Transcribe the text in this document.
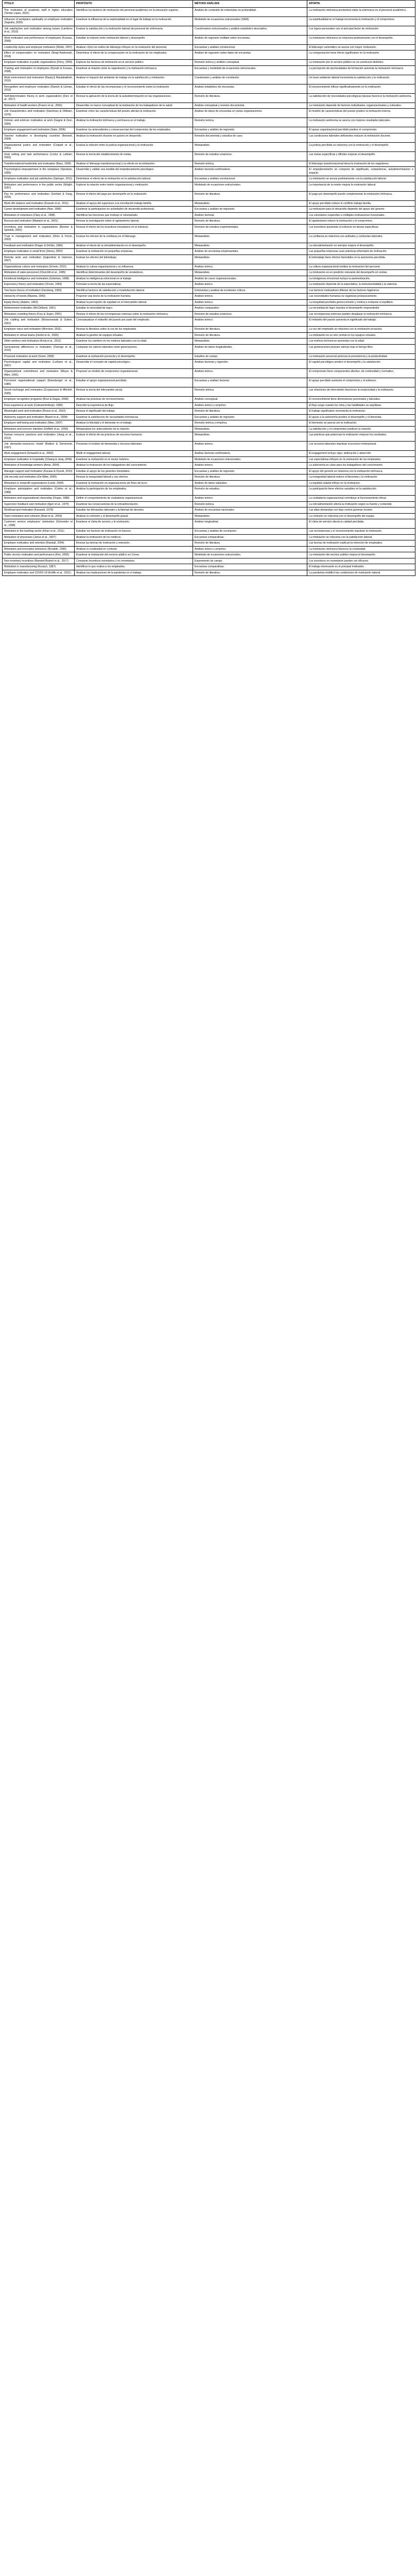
TÍTULO	PROPÓSITO	MÉTODO ANÁLISIS	APORTE
The motivation of academic staff in higher education (Tomás Lopes, 2021)	Identificar los factores de motivación del personal académico en la educación superior.	Análisis de contenido de entrevistas en profundidad.	La motivación intrínseca predomina sobre la extrínseca en el personal académico.
Influence of workplace spirituality on employee motivation (Saputra, 2020)	Examinar la influencia de la espiritualidad en el lugar de trabajo en la motivación.	Modelado de ecuaciones estructurales (SEM).	La espiritualidad en el trabajo incrementa la motivación y el compromiso.
Job satisfaction and motivation among nurses (Lambrou et al., 2010)	Evaluar la satisfacción y la motivación laboral del personal de enfermería.	Cuestionarios estructurados y análisis estadístico descriptivo.	Los logros personales son el principal factor de motivación.
Work motivation and performance of employees (Kuvaas, 2006)	Estudiar la relación entre motivación laboral y desempeño.	Análisis de regresión múltiple sobre encuestas.	La motivación intrínseca se relaciona positivamente con el desempeño.
Leadership styles and employee motivation (Webb, 2007)	Analizar cómo los estilos de liderazgo influyen en la motivación del personal.	Encuestas y análisis correlacional.	El liderazgo carismático se asocia con mayor motivación.
Effect of compensation on motivation (Nnaji-Ihedinmah, 2018)	Determinar el efecto de la compensación en la motivación de los empleados.	Análisis de regresión sobre datos de encuestas.	La compensación tiene efecto significativo en la motivación.
Employee motivation in public organizations (Perry, 2000)	Explorar los factores de motivación en el servicio público.	Revisión teórica y análisis conceptual.	La motivación por el servicio público es un constructo distintivo.
Training and motivation of employees (Dysvik & Kuvaas, 2008)	Examinar la relación entre la capacitación y la motivación intrínseca.	Encuestas y modelado de ecuaciones estructurales.	La percepción de oportunidades de formación aumenta la motivación intrínseca.
Work environment and motivation (Raziq & Maulabakhsh, 2015)	Analizar el impacto del ambiente de trabajo en la satisfacción y motivación.	Cuestionario y análisis de correlación.	Un buen ambiente laboral incrementa la satisfacción y la motivación.
Recognition and employee motivation (Danish & Usman, 2010)	Estudiar el efecto de las recompensas y el reconocimiento sobre la motivación.	Análisis estadístico de encuestas.	El reconocimiento influye significativamente en la motivación.
Self-determination theory in work organizations (Deci et al., 2017)	Revisar la aplicación de la teoría de la autodeterminación en las organizaciones.	Revisión de literatura.	La satisfacción de necesidades psicológicas básicas favorece la motivación autónoma.
Motivation of health workers (Franco et al., 2002)	Desarrollar un marco conceptual de la motivación de los trabajadores de la salud.	Análisis conceptual y revisión documental.	La motivación depende de factores individuales, organizacionales y culturales.
Job characteristics and motivation (Hackman & Oldham, 1976)	Examinar cómo las características del puesto afectan la motivación.	Análisis de datos de encuestas en varias organizaciones.	El modelo de características del puesto predice la motivación interna.
Intrinsic and extrinsic motivation at work (Gagné & Deci, 2005)	Analizar la motivación intrínseca y extrínseca en el trabajo.	Revisión teórica.	La motivación autónoma se asocia con mejores resultados laborales.
Employee engagement and motivation (Saks, 2006)	Examinar los antecedentes y consecuencias del compromiso de los empleados.	Encuestas y análisis de regresión.	El apoyo organizacional percibido predice el compromiso.
Teacher motivation in developing countries (Bennell, 2004)	Analizar la motivación docente en países en desarrollo.	Revisión documental y estudios de caso.	Las condiciones laborales deficientes reducen la motivación docente.
Organizational justice and motivation (Colquitt et al., 2001)	Evaluar la relación entre la justicia organizacional y la motivación.	Metaanálisis.	La justicia percibida se relaciona con la motivación y el desempeño.
Goal setting and task performance (Locke & Latham, 2002)	Revisar la teoría del establecimiento de metas.	Revisión de estudios empíricos.	Las metas específicas y difíciles mejoran el desempeño.
Transformational leadership and motivation (Bass, 1999)	Analizar el liderazgo transformacional y su efecto en la motivación.	Revisión teórica.	El liderazgo transformacional eleva la motivación de los seguidores.
Psychological empowerment in the workplace (Spreitzer, 1995)	Desarrollar y validar una medida del empoderamiento psicológico.	Análisis factorial confirmatorio.	El empoderamiento se compone de significado, competencia, autodeterminación e impacto.
Employee motivation and job satisfaction (Springer, 2011)	Determinar el efecto de la motivación en la satisfacción laboral.	Encuestas y análisis correlacional.	La motivación se asocia positivamente con la satisfacción laboral.
Motivation and performance in the public sector (Wright, 2007)	Explorar la relación entre misión organizacional y motivación.	Modelado de ecuaciones estructurales.	La importancia de la misión mejora la motivación laboral.
Pay for performance and motivation (Gerhart & Fang, 2015)	Revisar el efecto del pago por desempeño en la motivación.	Revisión de literatura.	El pago por desempeño puede complementar la motivación intrínseca.
Work–life balance and motivation (Kossek et al., 2011)	Analizar el apoyo del supervisor a la conciliación trabajo-familia.	Metaanálisis.	El apoyo percibido reduce el conflicto trabajo-familia.
Career development and motivation (Noe, 1996)	Examinar la participación en actividades de desarrollo profesional.	Encuestas y análisis de regresión.	La motivación para el desarrollo depende del apoyo del gerente.
Motivation of volunteers (Clary et al., 1998)	Identificar las funciones que motivan el voluntariado.	Análisis factorial.	Los voluntarios responden a múltiples motivaciones funcionales.
Burnout and motivation (Maslach et al., 2001)	Revisar la investigación sobre el agotamiento laboral.	Revisión de literatura.	El agotamiento reduce la motivación y el compromiso.
Incentives and motivation in organizations (Bonner & Sprinkle, 2002)	Revisar el efecto de los incentivos monetarios en el esfuerzo.	Revisión de estudios experimentales.	Los incentivos aumentan el esfuerzo en tareas específicas.
Trust in management and motivation (Dirks & Ferrin, 2002)	Evaluar los efectos de la confianza en el liderazgo.	Metaanálisis.	La confianza se relaciona con actitudes y conductas laborales.
Feedback and motivation (Kluger & DeNisi, 1996)	Analizar el efecto de la retroalimentación en el desempeño.	Metaanálisis.	La retroalimentación no siempre mejora el desempeño.
Employee motivation in small firms (Storey, 2002)	Examinar la motivación en pequeñas empresas.	Análisis de encuestas empresariales.	Las pequeñas empresas usan prácticas informales de motivación.
Remote work and motivation (Gajendran & Harrison, 2007)	Evaluar los efectos del teletrabajo.	Metaanálisis.	El teletrabajo tiene efectos favorables en la autonomía percibida.
Organizational culture and motivation (Schein, 2010)	Analizar la cultura organizacional y su influencia.	Análisis teórico.	La cultura organizacional moldea la motivación del personal.
Motivation of sales personnel (Churchill et al., 1985)	Identificar determinantes del desempeño de vendedores.	Metaanálisis.	La motivación es un predictor relevante del desempeño en ventas.
Emotional intelligence and motivation (Goleman, 1998)	Analizar la inteligencia emocional en el trabajo.	Análisis de casos organizacionales.	La inteligencia emocional incluye la automotivación.
Expectancy theory and motivation (Vroom, 1964)	Formular la teoría de las expectativas.	Análisis teórico.	La motivación depende de la expectativa, la instrumentalidad y la valencia.
Two-factor theory of motivation (Herzberg, 1959)	Identificar factores de satisfacción e insatisfacción laboral.	Entrevistas y análisis de incidentes críticos.	Los factores motivadores difieren de los factores higiénicos.
Hierarchy of needs (Maslow, 1943)	Proponer una teoría de la motivación humana.	Análisis teórico.	Las necesidades humanas se organizan jerárquicamente.
Equity theory (Adams, 1963)	Analizar la percepción de equidad en el intercambio laboral.	Análisis teórico.	La inequidad percibida genera tensión y motiva a restaurar el equilibrio.
Achievement motivation (McClelland, 1961)	Estudiar la necesidad de logro.	Análisis comparativo.	La necesidad de logro impulsa el desempeño emprendedor.
Motivation crowding theory (Frey & Jegen, 2001)	Revisar el efecto de las recompensas externas sobre la motivación intrínseca.	Revisión de estudios empíricos.	Las recompensas externas pueden desplazar la motivación intrínseca.
Job crafting and motivation (Wrzesniewski & Dutton, 2001)	Conceptualizar el rediseño del puesto por parte del empleado.	Análisis teórico.	El rediseño del puesto aumenta el significado del trabajo.
Employee voice and motivation (Morrison, 2011)	Revisar la literatura sobre la voz de los empleados.	Revisión de literatura.	La voz del empleado se relaciona con la motivación proactiva.
Motivation in virtual teams (Hertel et al., 2005)	Analizar la gestión de equipos virtuales.	Revisión de literatura.	La motivación es un reto central en los equipos virtuales.
Older workers and motivation (Kooij et al., 2011)	Examinar los cambios en los motivos laborales con la edad.	Metaanálisis.	Los motivos intrínsecos aumentan con la edad.
Generational differences in motivation (Twenge et al., 2010)	Comparar los valores laborales entre generaciones.	Análisis de datos longitudinales.	Las generaciones jóvenes valoran más el tiempo libre.
Prosocial motivation at work (Grant, 2008)	Examinar la motivación prosocial y el desempeño.	Estudios de campo.	La motivación prosocial potencia la persistencia y la productividad.
Psychological capital and motivation (Luthans et al., 2007)	Desarrollar el concepto de capital psicológico.	Análisis factorial y regresión.	El capital psicológico predice el desempeño y la satisfacción.
Organizational commitment and motivation (Meyer & Allen, 1991)	Proponer un modelo de compromiso organizacional.	Análisis teórico.	El compromiso tiene componentes afectivo, de continuidad y normativo.
Perceived organizational support (Eisenberger et al., 1986)	Estudiar el apoyo organizacional percibido.	Encuestas y análisis factorial.	El apoyo percibido aumenta el compromiso y el esfuerzo.
Social exchange and motivation (Cropanzano & Mitchell, 2005)	Revisar la teoría del intercambio social.	Revisión teórica.	Las relaciones de intercambio favorecen la reciprocidad y la motivación.
Employee recognition programs (Brun & Dugas, 2008)	Analizar las prácticas de reconocimiento.	Análisis conceptual.	El reconocimiento tiene dimensiones personales y laborales.
Flow experience at work (Csikszentmihalyi, 1990)	Describir la experiencia de flujo.	Análisis teórico y empírico.	El flujo surge cuando los retos y las habilidades se equilibran.
Meaningful work and motivation (Rosso et al., 2010)	Revisar el significado del trabajo.	Revisión de literatura.	El trabajo significativo incrementa la motivación.
Autonomy support and motivation (Baard et al., 2004)	Examinar la satisfacción de necesidades intrínsecas.	Encuestas y análisis de regresión.	El apoyo a la autonomía predice el desempeño y el bienestar.
Employee well-being and motivation (Warr, 2007)	Analizar la felicidad y el bienestar en el trabajo.	Revisión teórica y empírica.	El bienestar se asocia con la motivación.
Motivation and turnover intention (Griffeth et al., 2000)	Metaanalizar los antecedentes de la rotación.	Metaanálisis.	La satisfacción y el compromiso predicen la rotación.
Human resource practices and motivation (Jiang et al., 2012)	Evaluar el efecto de las prácticas de recursos humanos.	Metaanálisis.	Las prácticas que potencian la motivación mejoran los resultados.
Job demands–resources model (Bakker & Demerouti, 2007)	Presentar el modelo de demandas y recursos laborales.	Análisis teórico.	Los recursos laborales impulsan el proceso motivacional.
Work engagement (Schaufeli et al., 2002)	Medir el engagement laboral.	Análisis factorial confirmatorio.	El engagement incluye vigor, dedicación y absorción.
Employee motivation in hospitality (Chiang & Jang, 2008)	Examinar la motivación en el sector hotelero.	Modelado de ecuaciones estructurales.	Las expectativas influyen en la motivación de los empleados.
Motivation of knowledge workers (Amar, 2004)	Analizar la motivación de los trabajadores del conocimiento.	Análisis teórico.	La autonomía es clave para los trabajadores del conocimiento.
Manager support and motivation (Kuvaas & Dysvik, 2010)	Estudiar el apoyo de los gerentes inmediatos.	Encuestas y análisis de regresión.	El apoyo del gerente se relaciona con la motivación intrínseca.
Job security and motivation (De Witte, 2005)	Revisar la inseguridad laboral y sus efectos.	Revisión de literatura.	La inseguridad laboral reduce el bienestar y la motivación.
Motivation in nonprofit organizations (Leete, 2000)	Examinar la motivación en organizaciones sin fines de lucro.	Análisis de datos salariales.	La equidad salarial influye en la motivación.
Employee participation and motivation (Cotton et al., 1988)	Analizar la participación de los empleados.	Revisión de estudios.	La participación tiene efectos variables en la satisfacción.
Motivation and organizational citizenship (Organ, 1988)	Definir el comportamiento de ciudadanía organizacional.	Análisis teórico.	La ciudadanía organizacional contribuye al funcionamiento eficaz.
Supervisor feedback and motivation (Ilgen et al., 1979)	Examinar las consecuencias de la retroalimentación.	Revisión teórica.	La retroalimentación afecta la motivación según su fuente y contenido.
Workload and motivation (Karasek, 1979)	Estudiar las demandas laborales y la libertad de decisión.	Análisis de encuestas nacionales.	Las altas demandas con bajo control generan tensión.
Team motivation and cohesion (Beal et al., 2003)	Analizar la cohesión y el desempeño grupal.	Metaanálisis.	La cohesión se relaciona con el desempeño del equipo.
Customer service employees' motivation (Schneider et al., 1998)	Examinar el clima de servicio y la motivación.	Análisis longitudinal.	El clima de servicio afecta la calidad percibida.
Motivation in the banking sector (Khan et al., 2011)	Estudiar los factores de motivación en bancos.	Encuestas y análisis de correlación.	Las recompensas y el reconocimiento impulsan la motivación.
Motivation of physicians (Janus et al., 2007)	Analizar la motivación de los médicos.	Encuestas comparativas.	La motivación se relaciona con la satisfacción laboral.
Employee motivation and retention (Ramlall, 2004)	Revisar las teorías de motivación y retención.	Revisión de literatura.	Las teorías de motivación explican la retención de empleados.
Motivation and innovative behaviour (Amabile, 1996)	Analizar la creatividad en contexto.	Análisis teórico y empírico.	La motivación intrínseca favorece la creatividad.
Public service motivation and performance (Kim, 2005)	Examinar la motivación del servicio público en Corea.	Modelado de ecuaciones estructurales.	La motivación del servicio público mejora el desempeño.
Non-monetary incentives (Bareket-Bojmel et al., 2017)	Comparar incentivos monetarios y no monetarios.	Experimento de campo.	Los incentivos no monetarios pueden ser eficaces.
Motivation in manufacturing (Kovach, 1987)	Identificar lo que motiva a los empleados.	Encuestas comparativas.	El trabajo interesante es el principal motivador.
Employee motivation and COVID-19 (Kniffin et al., 2021)	Analizar las implicaciones de la pandemia en el trabajo.	Revisión de literatura.	La pandemia modificó las condiciones de motivación laboral.
